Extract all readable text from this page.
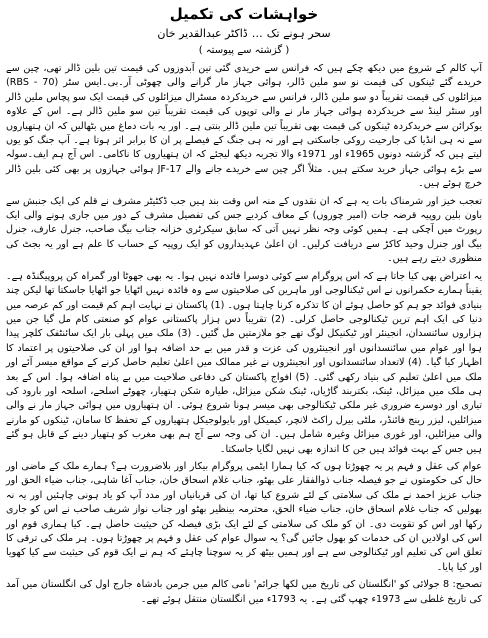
خواہشات کی تکمیل
سحر ہونے تک…ڈاکٹر عبدالقدیر خان
( گزشتہ سے پیوستہ )

آپ کالم کے شروع میں دیکھ چکے ہیں کہ فرانس سے خریدی گئی تین آبدوزوں کی قیمت تین بلین ڈالر تھی، چین سے خریدے گئے ٹینکوں کی قیمت نو سو ملین ڈالر، ہوائی جہاز مار گرانے والی چھوٹی آر۔بی۔ایس سٹر (RBS - 70) میزائلوں کی قیمت تقریباً دو سو ملین ڈالر، فرانس سے خریدکردہ مسٹرال میزائلوں کی قیمت ایک سو پچاس ملین ڈالر اور سنٹر لینڈ سے خریدکردہ ہوائی جہاز مار نے والی توپوں کی قیمت تقریباً تین سو ملین ڈالر ہے۔ اس کے علاوہ یوکرائن سے خریدکردہ ٹینکوں کی قیمت بھی تقریباً تین ملین ڈالر بنتی ہے۔ اور یہ بات دماغ میں بٹھالیں کہ ان ہتھیاروں سے نہ ہی انڈیا کی جارحیت روکی جاسکتی ہے اور نہ ہی جنگ کے فیصلے پر ان کا برابر اثر ہوتا ہے۔ آپ جنگ کو یوں لیتے ہیں کہ گزشتہ دونوں 1965ء اور 1971ء والا تجربہ دیکھ لیجئے کہ ان ہتھیاروں کا ناکامی۔ اس آج ہم ایف۔سولہ سے بڑے ہوائی جہاز خرید سکتے ہیں۔ مثلاً اگر چین سے خریدے جانے والے JF-17 ہوائی جہازوں پر بھی کئی بلین ڈالر خرچ ہوئے ہیں۔

تعجب خیز اور شرمناک بات یہ ہے کہ ان نقدوں کے منہ اس وقت بند ہیں جب ڈکٹیٹر مشرف نے قلم کی ایک جنبش سے باون بلین روپیہ قرضہ جات (امیر چوروں) کے معاف کردیے جس کی تفصیل مشرف کے دور میں جاری ہونے والی ایک رپورٹ میں آچکی ہے۔ ہمیں کوئی وجہ نظر نہیں آتی کہ سابق سیکرٹری خزانہ جناب بیگ صاحب، جنرل عارف، جنرل بیگ اور جنرل وحید کاکڑ سے دریافت کرلیں۔ ان اعلیٰ عہدیداروں کو ایک روپیہ کے حساب کا علم ہے اور یہ بجٹ کی منظوری دیتے رہے ہیں۔

یہ اعتراض بھی کیا جاتا ہے کہ اس پروگرام سے کوئی دوسرا فائدہ نہیں ہوا۔ یہ بھی جھوٹا اور گمراہ کن پروپیگنڈہ ہے۔ یقیناً ہمارے حکمرانوں نے اس ٹیکنالوجی اور ماہرین کی صلاحیتوں سے وہ فائدہ نہیں اٹھایا جو اٹھایا جاسکتا تھا لیکن چند بنیادی فوائد جو ہم کو حاصل ہوئے ان کا تذکرہ کرنا چاہتا ہوں۔ (1) پاکستان نے نہایت اہم کم قیمت اور کم عرصہ میں دنیا کی ایک اہم ترین ٹیکنالوجی حاصل کرلی۔ (2) تقریباً دس ہزار پاکستانی عوام کو صنعتی کام مل گیا جن میں ہزاروں سائنسدان، انجینئر اور ٹیکنیکل لوگ تھے جو ملازمتیں مل گئیں۔ (3) ملک میں پہلی بار ایک سائنٹفک کلچر پیدا ہوا اور عوام میں سائنسدانوں اور انجینئروں کی عزت و قدر میں بے حد اضافہ ہوا اور ان کی صلاحیتوں پر اعتماد کا اظہار کیا گیا۔ (4) لاتعداد سائنسدانوں اور انجینئروں نے غیر ممالک میں اعلیٰ تعلیم حاصل کرنے کے مواقع میسر آئے اور ملک میں اعلیٰ تعلیم کی بنیاد رکھی گئی۔ (5) افواج پاکستان کی دفاعی صلاحیت میں بے پناہ اضافہ ہوا۔ اس کے بعد ہی ملک میں میزائل، ٹینک، بکتربند گاڑیاں، ٹینک شکن میزائل، طیارہ شکن ہتھیار، چھوٹے اسلحے، اسلحہ اور بارود کی تیاری اور دوسرے ضروری غیر ملکی ٹیکنالوجی بھی میسر ہونا شروع ہوئی۔ ان ہتھیاروں میں ہوائی جہاز مار نے والی میزائلیں، لیزر رینج فائنڈر، ملٹی بیرل راکٹ لانچر، کیمیکل اور بایولوجیکل ہتھیاروں کے تحفظ کا سامان، ٹینکوں کو مارنے والی میزائلیں، اور غوری میزائل وغیرہ شامل ہیں۔ ان کی وجہ سے آج ہم بھی مغرب کو ہتھیار دینے کے قابل ہو گئے ہیں جس کے بہت فوائد ہیں جن کا اندازہ بھی نہیں لگایا جاسکتا۔

عوام کی عقل و فہم پر یہ چھوڑتا ہوں کہ کیا ہمارا ایٹمی پروگرام بیکار اور بلاضرورت ہے؟ ہمارے ملک کے ماضی اور حال کی حکومتوں نے جو فیصلہ جناب ذوالفقار علی بھٹو، جناب غلام اسحاق خان، جناب آغا شاہی، جناب ضیاء الحق اور جناب عزیز احمد نے ملک کی سلامتی کے لئے شروع کیا تھا، ان کی قربانیاں اور مدد آپ کو یاد ہونی چاہئیں اور یہ نہ بھولیں کہ جناب غلام اسحاق خان، جناب ضیاء الحق، محترمہ بینظیر بھٹو اور جناب نواز شریف صاحب نے اس کو جاری رکھا اور اس کو تقویت دی۔ ان کو ملک کی سلامتی کے لئے ایک بڑی فیصلہ کن حیثیت حاصل ہے۔ کیا ہماری قوم اور اس کی اولادیں ان کی خدمات کو بھول جائیں گی؟ یہ سوال عوام کی عقل و فہم پر چھوڑتا ہوں۔ ہر ملک کی ترقی کا تعلق اس کی تعلیم اور ٹیکنالوجی سے ہے اور ہمیں بیٹھ کر یہ سوچنا چاہئے کہ ہم نے ایک قوم کی حیثیت سے کیا کھویا اور کیا پایا۔

تصحیح: 8 جولائی کو 'انگلستان کی تاریخ میں لکھا جرائم' نامی کالم میں جرمن بادشاہ جارج اول کی انگلستان میں آمد کی تاریخ غلطی سے 1973ء چھپ گئی ہے۔ یہ 1793ء میں انگلستان منتقل ہوئے تھے۔
